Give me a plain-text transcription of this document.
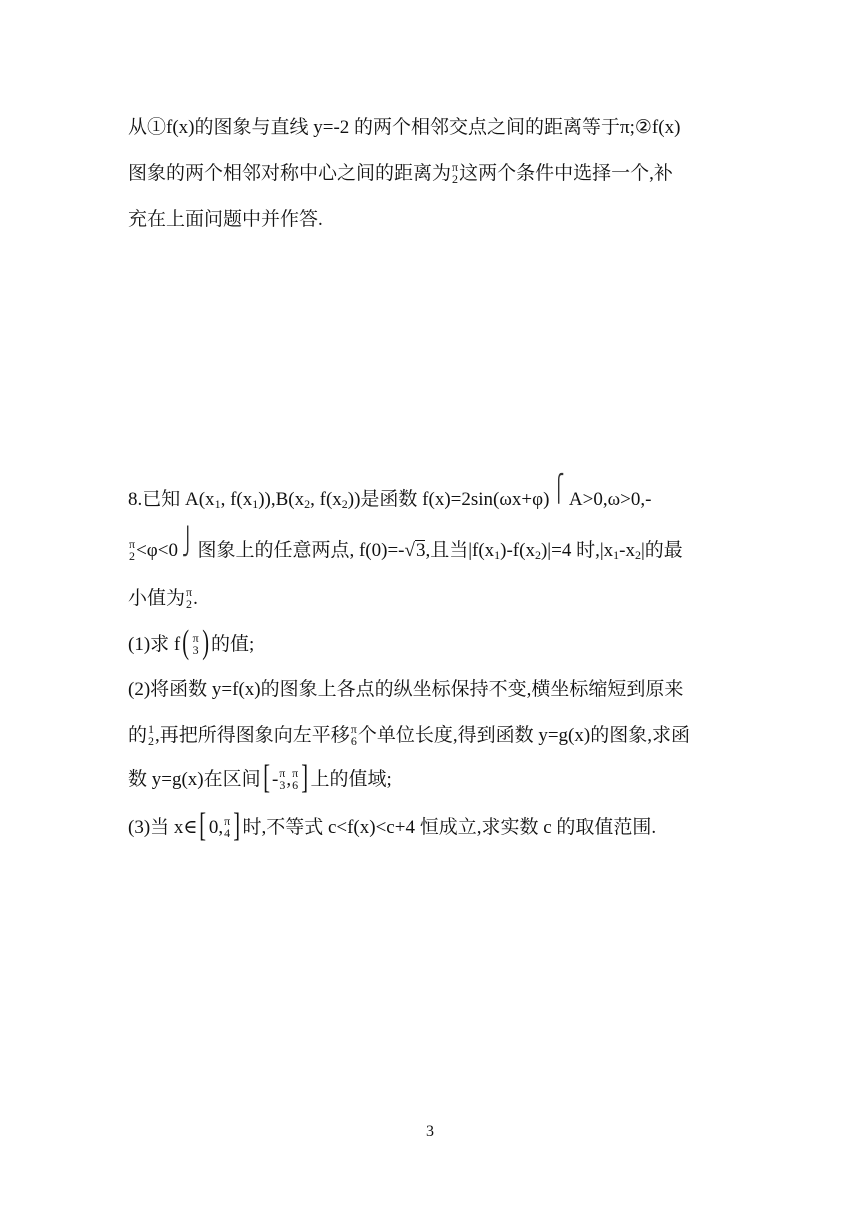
从①f(x)的图象与直线 y=-2 的两个相邻交点之间的距离等于π;②f(x)
图象的两个相邻对称中心之间的距离为 π
2 这两个条件中选择一个,补
充在上面问题中并作答.
8.已知 $A(x_1$, $f(x_1)),B(x_2$, $f(x_2)$)是函数 f(x)=2sin(ωx+φ) ⎧ A>0,ω>0,-
π
2 <φ<0 ⎭ 图象上的任意两点, f(0)=-√3,且当$|f(x_1)-f(x_2)|=4$ 时$,|x_1-x_2|$的最
小值为 π
2 .
(1)求 f( π
3 ) 的值;
(2)将函数 y=f(x)的图象上各点的纵坐标保持不变,横坐标缩短到原来
的 1
2 ,再把所得图象向左平移 π
6 个单位长度,得到函数 y=g(x)的图象,求函
数 y=g(x)在区间[ - π
3 , π
6 ] 上的值域;
(3)当 x∈[ 0, π
4 ] 时,不等式 c<f(x)<c+4 恒成立,求实数 c 的取值范围.
3
